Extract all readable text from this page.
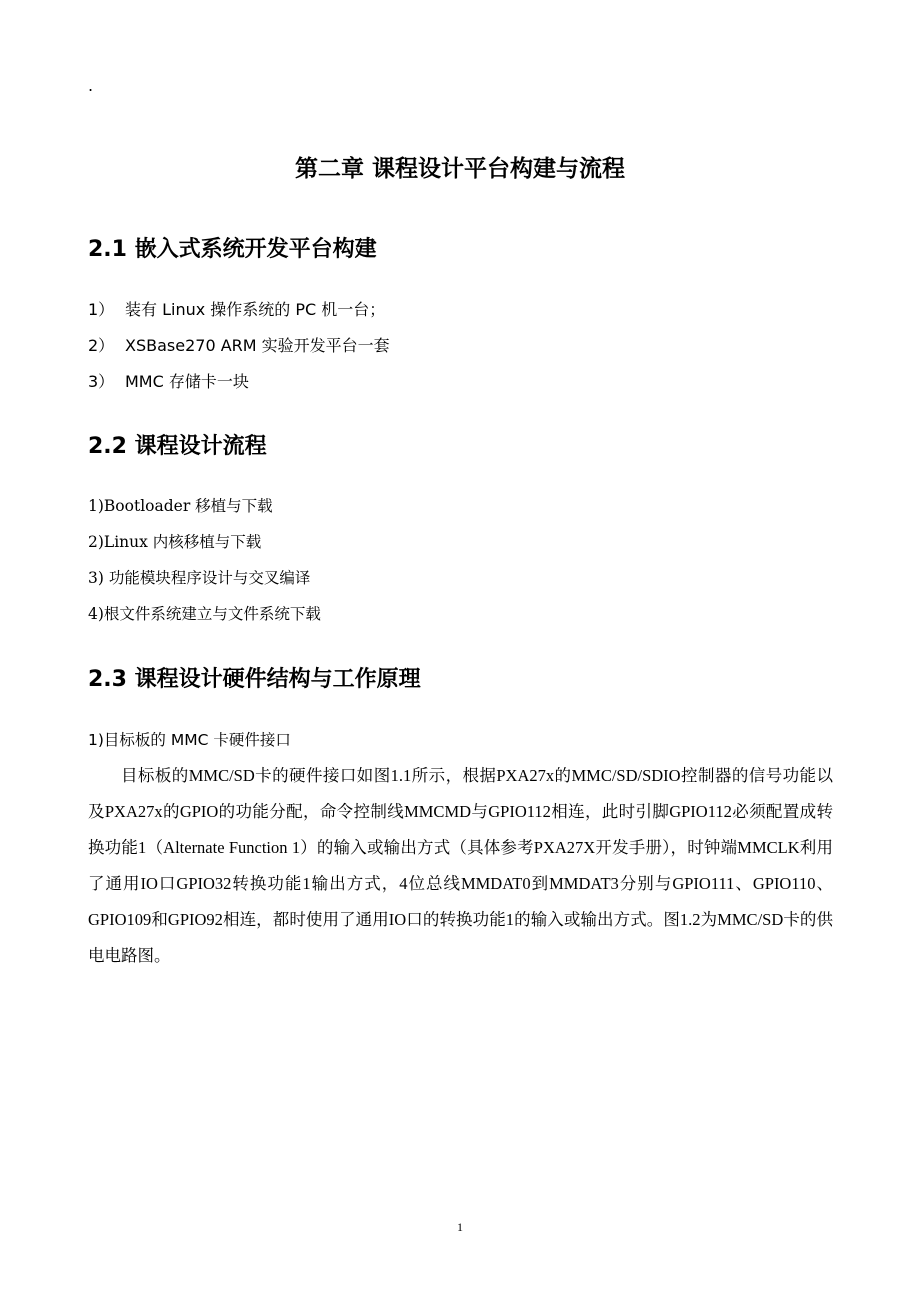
.
第二章 课程设计平台构建与流程
2.1 嵌入式系统开发平台构建
1） 装有 Linux 操作系统的 PC 机一台；
2） XSBase270 ARM 实验开发平台一套
3） MMC 存储卡一块
2.2 课程设计流程
1)Bootloader 移植与下载
2)Linux 内核移植与下载
3) 功能模块程序设计与交叉编译
4)根文件系统建立与文件系统下载
2.3 课程设计硬件结构与工作原理
1)目标板的 MMC 卡硬件接口

目标板的MMC/SD卡的硬件接口如图1.1所示，根据PXA27x的MMC/SD/SDIO控制器的信号功能以及PXA27x的GPIO的功能分配，命令控制线MMCMD与GPIO112相连，此时引脚GPIO112必须配置成转换功能1（Alternate Function 1）的输入或输出方式（具体参考PXA27X开发手册），时钟端MMCLK利用了通用IO口GPIO32转换功能1输出方式，4位总线MMDAT0到MMDAT3分别与GPIO111、GPIO110、GPIO109和GPIO92相连，都时使用了通用IO口的转换功能1的输入或输出方式。图1.2为MMC/SD卡的供电电路图。

1
